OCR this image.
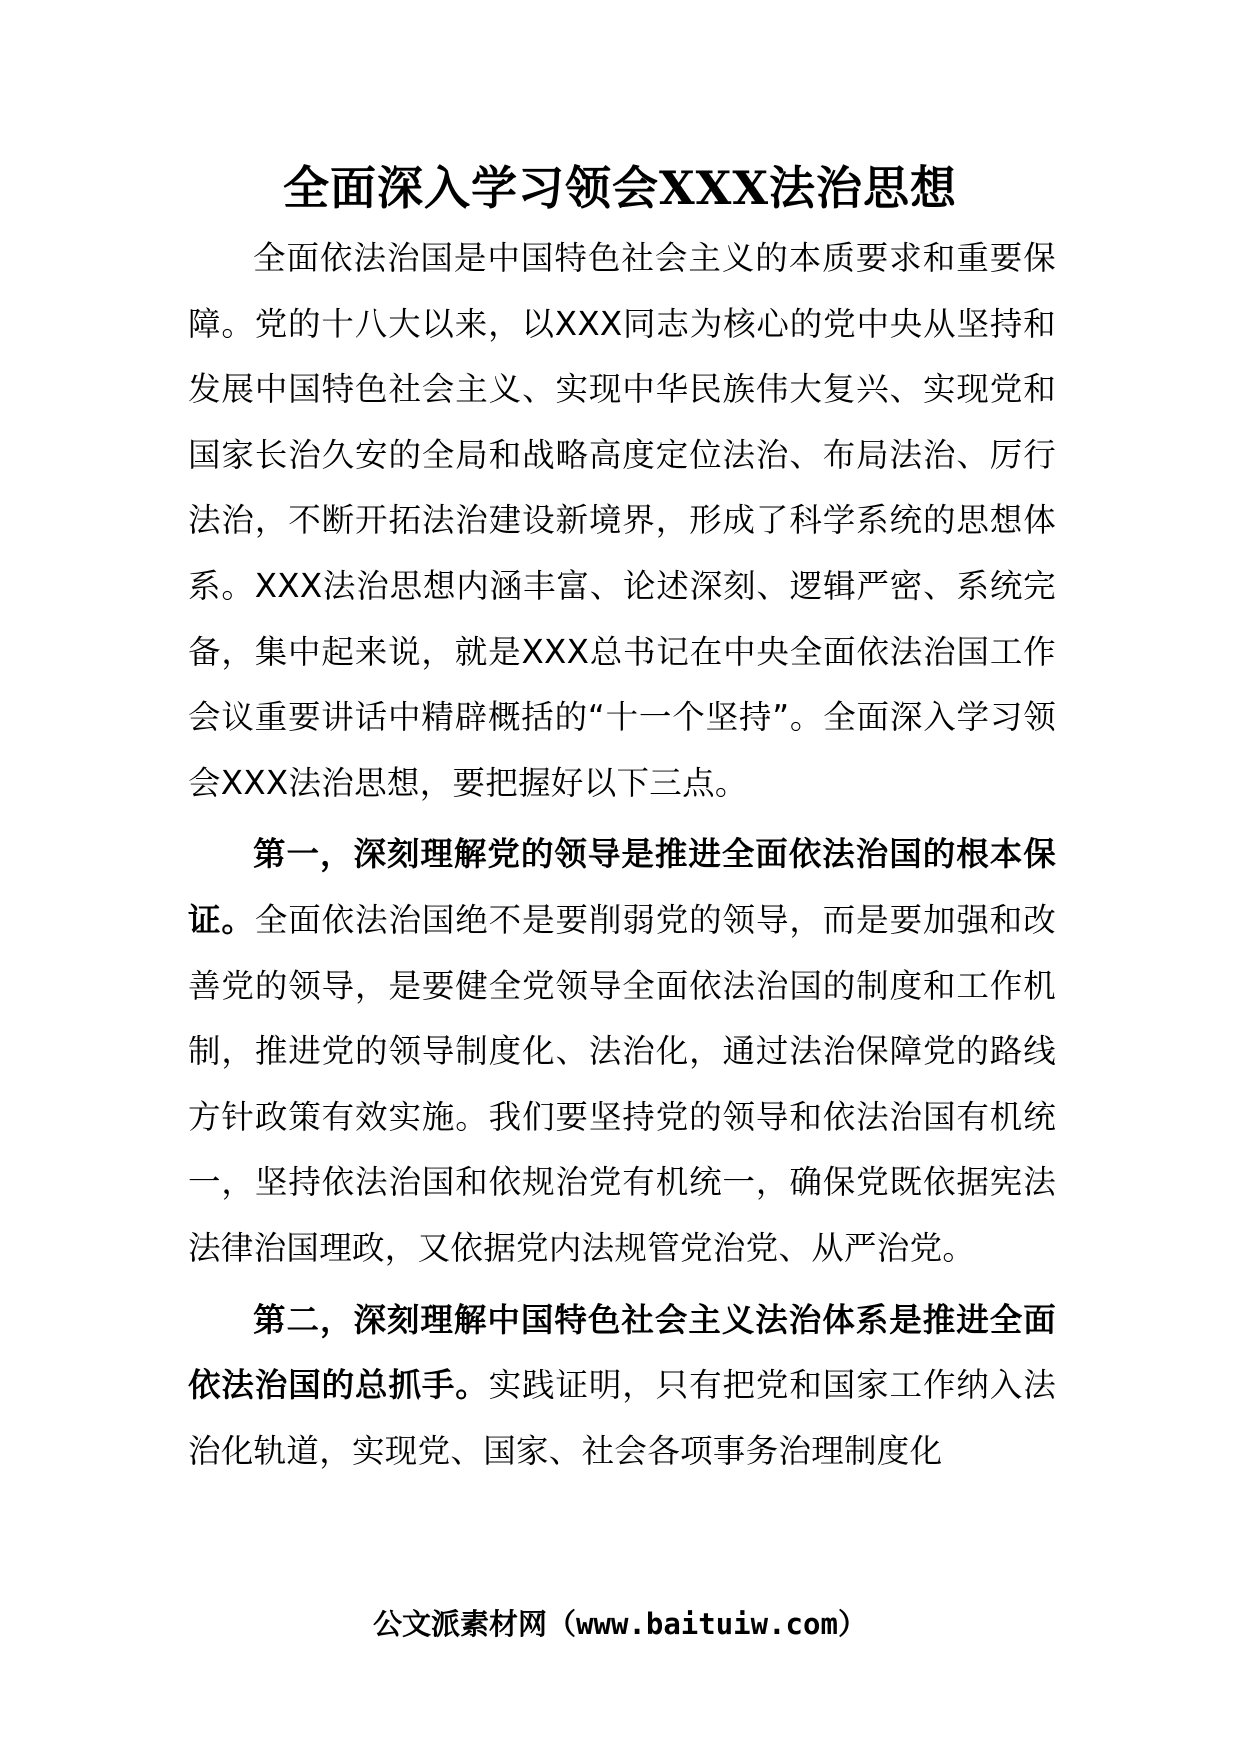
全面深入学习领会XXX法治思想

全面依法治国是中国特色社会主义的本质要求和重要保障。党的十八大以来，以XXX同志为核心的党中央从坚持和发展中国特色社会主义、实现中华民族伟大复兴、实现党和国家长治久安的全局和战略高度定位法治、布局法治、厉行法治，不断开拓法治建设新境界，形成了科学系统的思想体系。XXX法治思想内涵丰富、论述深刻、逻辑严密、系统完备，集中起来说，就是XXX总书记在中央全面依法治国工作会议重要讲话中精辟概括的“十一个坚持”。全面深入学习领会XXX法治思想，要把握好以下三点。

第一，深刻理解党的领导是推进全面依法治国的根本保证。全面依法治国绝不是要削弱党的领导，而是要加强和改善党的领导，是要健全党领导全面依法治国的制度和工作机制，推进党的领导制度化、法治化，通过法治保障党的路线方针政策有效实施。我们要坚持党的领导和依法治国有机统一，坚持依法治国和依规治党有机统一，确保党既依据宪法法律治国理政，又依据党内法规管党治党、从严治党。

第二，深刻理解中国特色社会主义法治体系是推进全面依法治国的总抓手。实践证明，只有把党和国家工作纳入法治化轨道，实现党、国家、社会各项事务治理制度化

公文派素材网（www.baituiw.com）
